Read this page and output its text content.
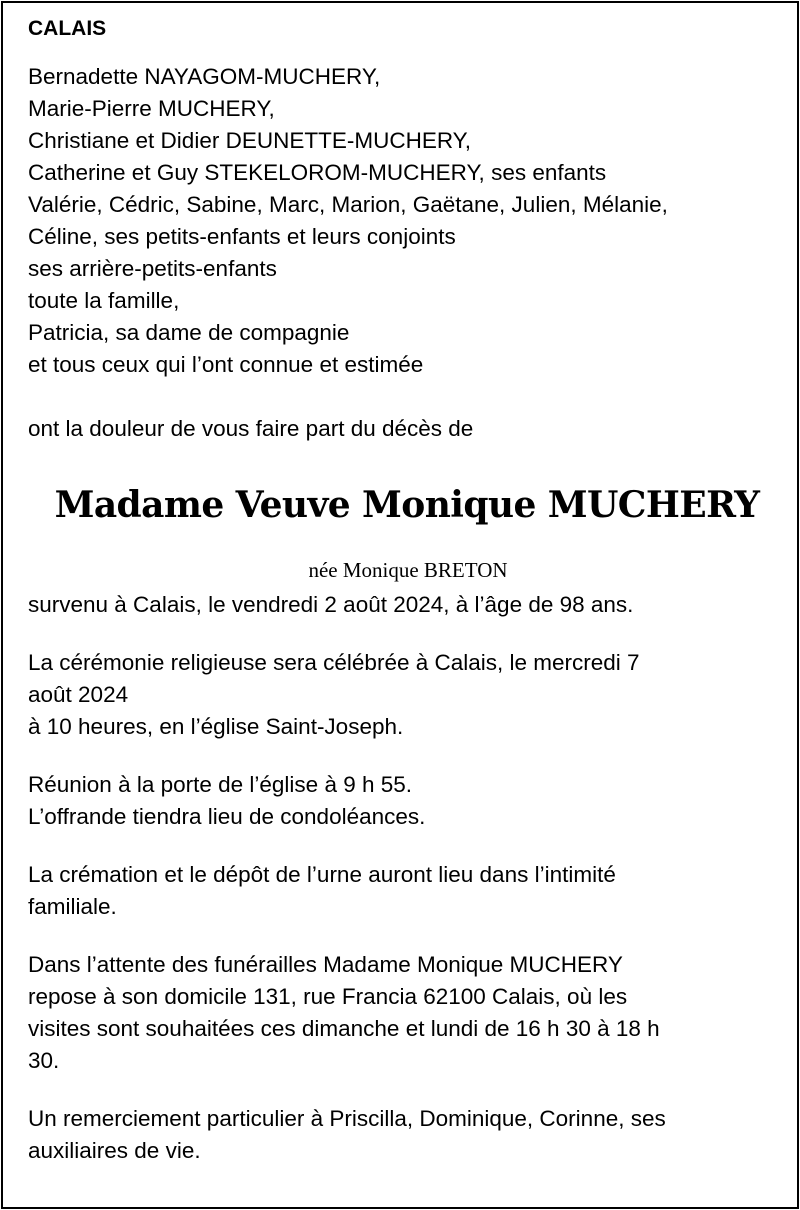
CALAIS
Bernadette NAYAGOM-MUCHERY,
Marie-Pierre MUCHERY,
Christiane et Didier DEUNETTE-MUCHERY,
Catherine et Guy STEKELOROM-MUCHERY, ses enfants
Valérie, Cédric, Sabine, Marc, Marion, Gaëtane, Julien, Mélanie,
Céline, ses petits-enfants et leurs conjoints
ses arrière-petits-enfants
toute la famille,
Patricia, sa dame de compagnie
et tous ceux qui l’ont connue et estimée
ont la douleur de vous faire part du décès de
Madame Veuve Monique MUCHERY
née Monique BRETON
survenu à Calais, le vendredi 2 août 2024, à l’âge de 98 ans.
La cérémonie religieuse sera célébrée à Calais, le mercredi 7
août 2024
à 10 heures, en l’église Saint-Joseph.
Réunion à la porte de l’église à 9 h 55.
L’offrande tiendra lieu de condoléances.
La crémation et le dépôt de l’urne auront lieu dans l’intimité
familiale.
Dans l’attente des funérailles Madame Monique MUCHERY
repose à son domicile 131, rue Francia 62100 Calais, où les
visites sont souhaitées ces dimanche et lundi de 16 h 30 à 18 h
30.
Un remerciement particulier à Priscilla, Dominique, Corinne, ses
auxiliaires de vie.
